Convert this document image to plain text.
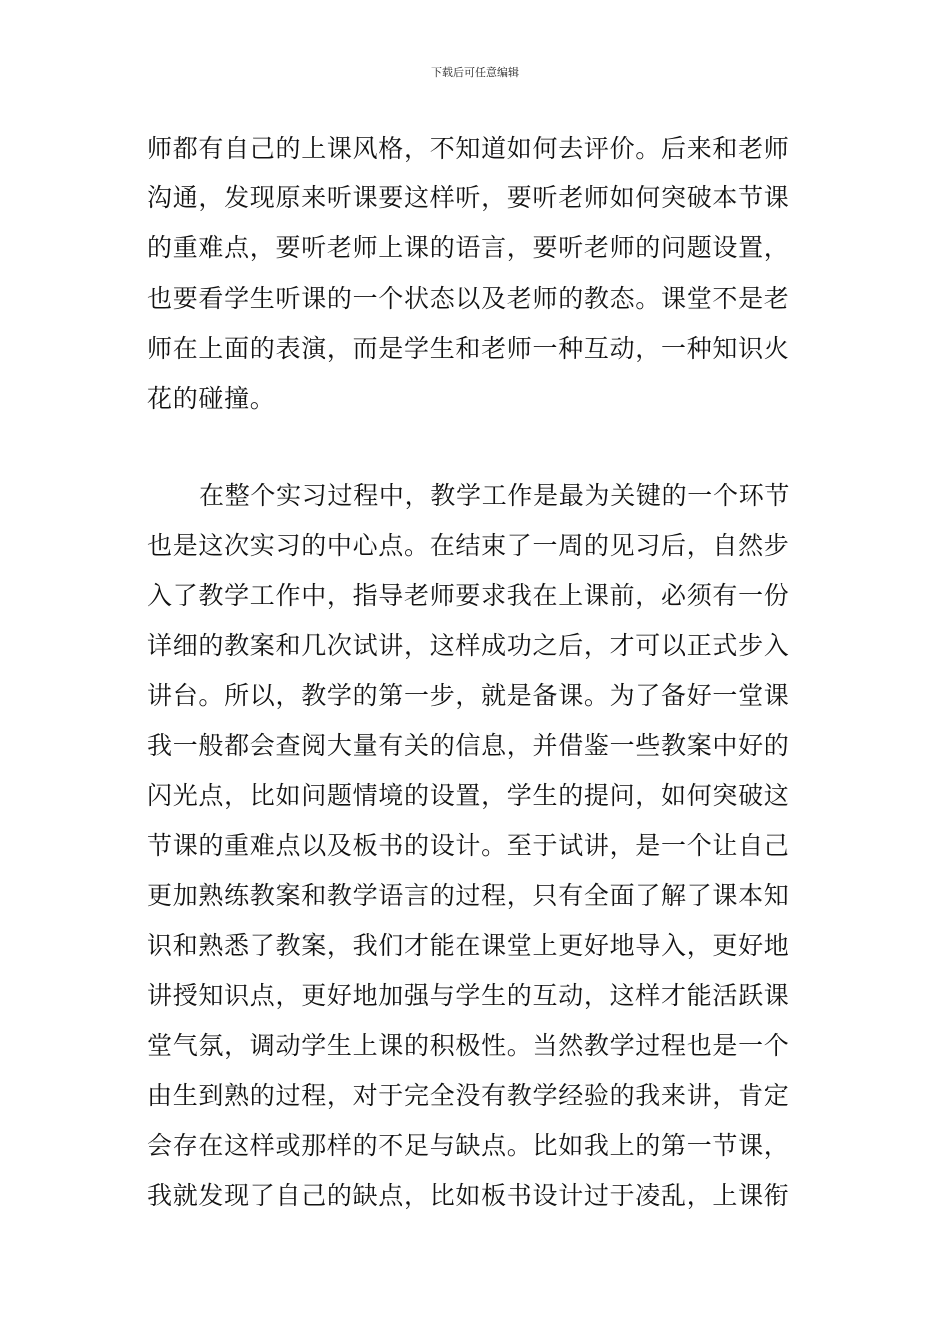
下载后可任意编辑
师都有自己的上课风格，不知道如何去评价。后来和老师
沟通，发现原来听课要这样听，要听老师如何突破本节课
的重难点，要听老师上课的语言，要听老师的问题设置，
也要看学生听课的一个状态以及老师的教态。课堂不是老
师在上面的表演，而是学生和老师一种互动，一种知识火
花的碰撞。
在整个实习过程中，教学工作是最为关键的一个环节
也是这次实习的中心点。在结束了一周的见习后，自然步
入了教学工作中，指导老师要求我在上课前，必须有一份
详细的教案和几次试讲，这样成功之后，才可以正式步入
讲台。所以，教学的第一步，就是备课。为了备好一堂课
我一般都会查阅大量有关的信息，并借鉴一些教案中好的
闪光点，比如问题情境的设置，学生的提问，如何突破这
节课的重难点以及板书的设计。至于试讲，是一个让自己
更加熟练教案和教学语言的过程，只有全面了解了课本知
识和熟悉了教案，我们才能在课堂上更好地导入，更好地
讲授知识点，更好地加强与学生的互动，这样才能活跃课
堂气氛，调动学生上课的积极性。当然教学过程也是一个
由生到熟的过程，对于完全没有教学经验的我来讲，肯定
会存在这样或那样的不足与缺点。比如我上的第一节课，
我就发现了自己的缺点，比如板书设计过于凌乱，上课衔
